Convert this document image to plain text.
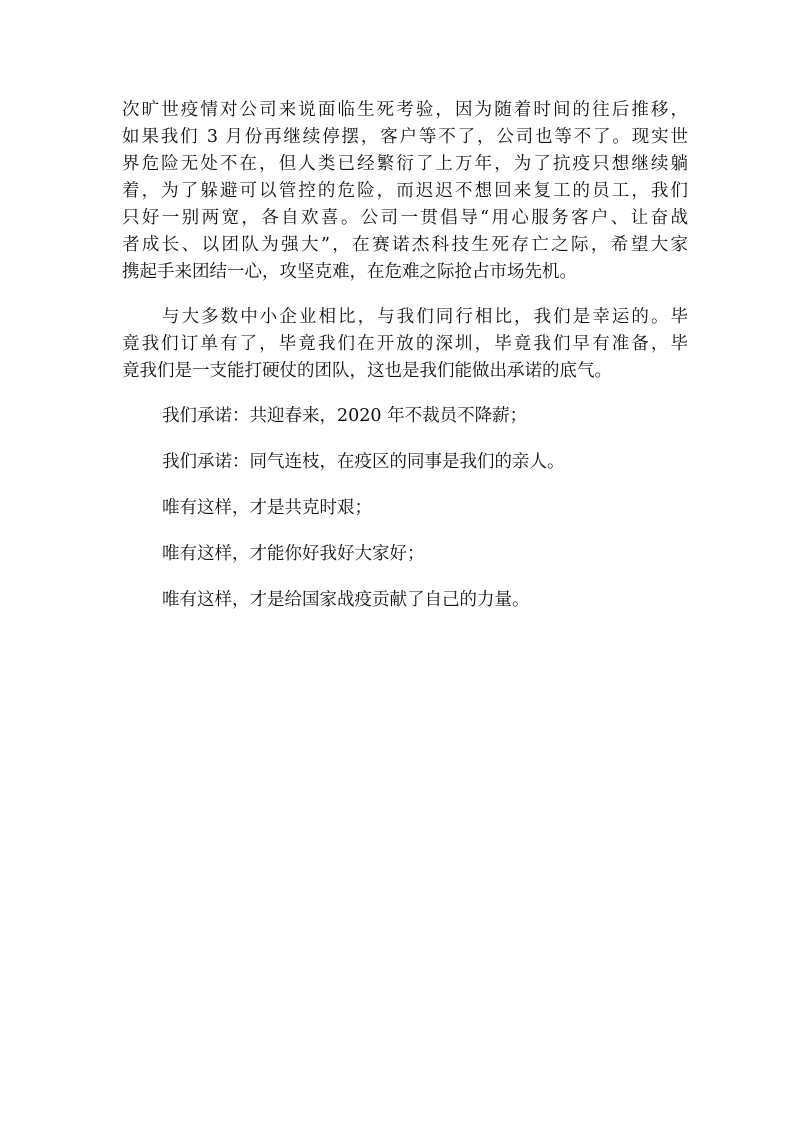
次旷世疫情对公司来说面临生死考验，因为随着时间的往后推移，
如果我们 3 月份再继续停摆，客户等不了，公司也等不了。现实世
界危险无处不在，但人类已经繁衍了上万年，为了抗疫只想继续躺
着，为了躲避可以管控的危险，而迟迟不想回来复工的员工，我们
只好一别两宽，各自欢喜。公司一贯倡导“用心服务客户、让奋战
者成长、以团队为强大”，在赛诺杰科技生死存亡之际，希望大家
携起手来团结一心，攻坚克难，在危难之际抢占市场先机。
与大多数中小企业相比，与我们同行相比，我们是幸运的。毕
竟我们订单有了，毕竟我们在开放的深圳，毕竟我们早有准备，毕
竟我们是一支能打硬仗的团队，这也是我们能做出承诺的底气。
我们承诺：共迎春来，2020 年不裁员不降薪；
我们承诺：同气连枝，在疫区的同事是我们的亲人。
唯有这样，才是共克时艰；
唯有这样，才能你好我好大家好；
唯有这样，才是给国家战疫贡献了自己的力量。
